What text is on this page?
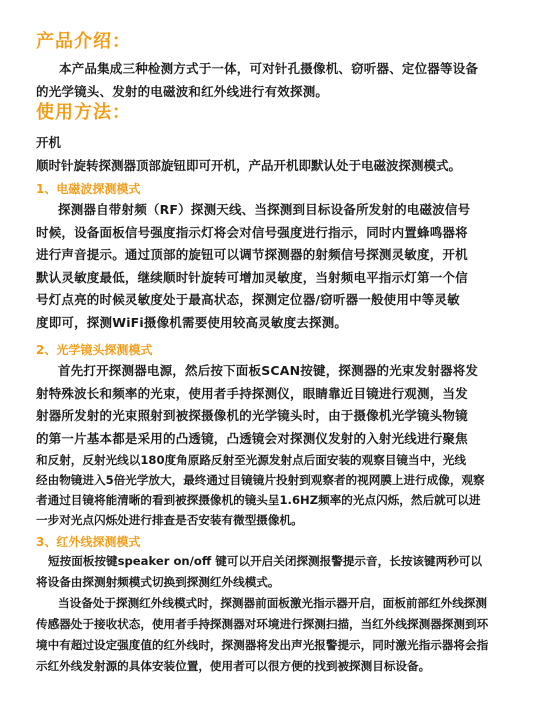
产品介绍：
本产品集成三种检测方式于一体，可对针孔摄像机、窃听器、定位器等设备
的光学镜头、发射的电磁波和红外线进行有效探测。
使用方法：
开机
顺时针旋转探测器顶部旋钮即可开机，产品开机即默认处于电磁波探测模式。
1、电磁波探测模式
探测器自带射频（RF）探测天线、当探测到目标设备所发射的电磁波信号
时候，设备面板信号强度指示灯将会对信号强度进行指示，同时内置蜂鸣器将
进行声音提示。通过顶部的旋钮可以调节探测器的射频信号探测灵敏度，开机
默认灵敏度最低，继续顺时针旋转可增加灵敏度，当射频电平指示灯第一个信
号灯点亮的时候灵敏度处于最高状态，探测定位器/窃听器一般使用中等灵敏
度即可，探测WiFi摄像机需要使用较高灵敏度去探测。
2、光学镜头探测模式
首先打开探测器电源，然后按下面板SCAN按键，探测器的光束发射器将发
射特殊波长和频率的光束，使用者手持探测仪，眼睛靠近目镜进行观测，当发
射器所发射的光束照射到被探摄像机的光学镜头时，由于摄像机光学镜头物镜
的第一片基本都是采用的凸透镜，凸透镜会对探测仪发射的入射光线进行聚焦
和反射，反射光线以180度角原路反射至光源发射点后面安装的观察目镜当中，光线
经由物镜进入5倍光学放大，最终通过目镜镜片投射到观察者的视网膜上进行成像，观察
者通过目镜将能清晰的看到被探摄像机的镜头呈1.6HZ频率的光点闪烁，然后就可以进
一步对光点闪烁处进行排查是否安装有微型摄像机。
3、红外线探测模式
短按面板按键speaker on/off 键可以开启关闭探测报警提示音，长按该键两秒可以
将设备由探测射频模式切换到探测红外线模式。
当设备处于探测红外线模式时，探测器前面板激光指示器开启，面板前部红外线探测
传感器处于接收状态，使用者手持探测器对环境进行探测扫描，当红外线探测器探测到环
境中有超过设定强度值的红外线时，探测器将发出声光报警提示，同时激光指示器将会指
示红外线发射源的具体安装位置，使用者可以很方便的找到被探测目标设备。
